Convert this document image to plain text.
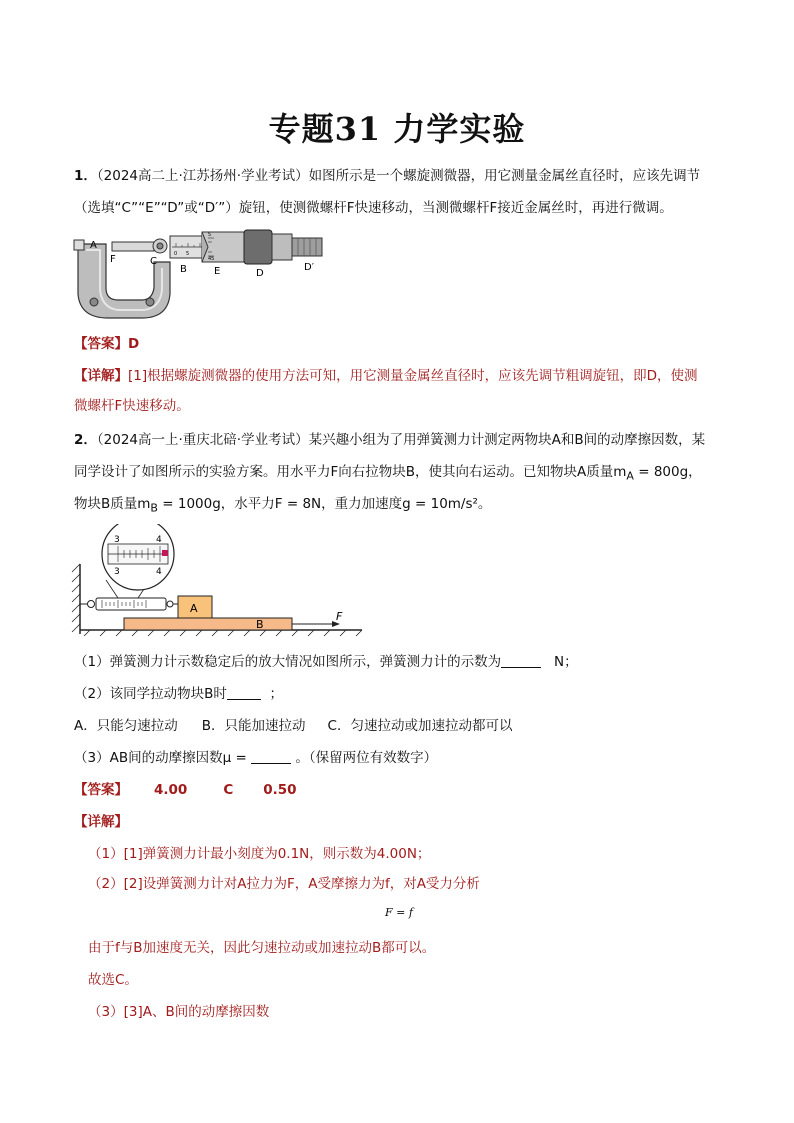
专题31 力学实验
1．（2024高二上·江苏扬州·学业考试）如图所示是一个螺旋测微器，用它测量金属丝直径时，应该先调节
（选填“C”“E”“D”或“D′”）旋钮，使测微螺杆F快速移动，当测微螺杆F接近金属丝时，再进行微调。
A
F	C
B	E	D
D′
0 5
5
45
【答案】D
【详解】[1]根据螺旋测微器的使用方法可知，用它测量金属丝直径时，应该先调节粗调旋钮，即D，使测
微螺杆F快速移动。
2．（2024高一上·重庆北碚·学业考试）某兴趣小组为了用弹簧测力计测定两物块A和B间的动摩擦因数，某
同学设计了如图所示的实验方案。用水平力F向右拉物块B，使其向右运动。已知物块A质量$m_A = 800g$，
物块B质量$m_B = 1000g$，水平力F = 8N，重力加速度g = 10m/s²。
3	4
3	4
A
B
F
（1）弹簧测力计示数稳定后的放大情况如图所示，弹簧测力计的示数为	N；
（2）该同学拉动物块B时	；
A．只能匀速拉动 B．只能加速拉动 C．匀速拉动或加速拉动都可以
（3）AB间的动摩擦因数μ =	。（保留两位有效数字）
【答案】 4.00	C 0.50
【详解】
（1）[1]弹簧测力计最小刻度为0.1N，则示数为4.00N；
（2）[2]设弹簧测力计对A拉力为F，A受摩擦力为f，对A受力分析
F = f
由于f与B加速度无关，因此匀速拉动或加速拉动B都可以。
故选C。
（3）[3]A、B间的动摩擦因数
